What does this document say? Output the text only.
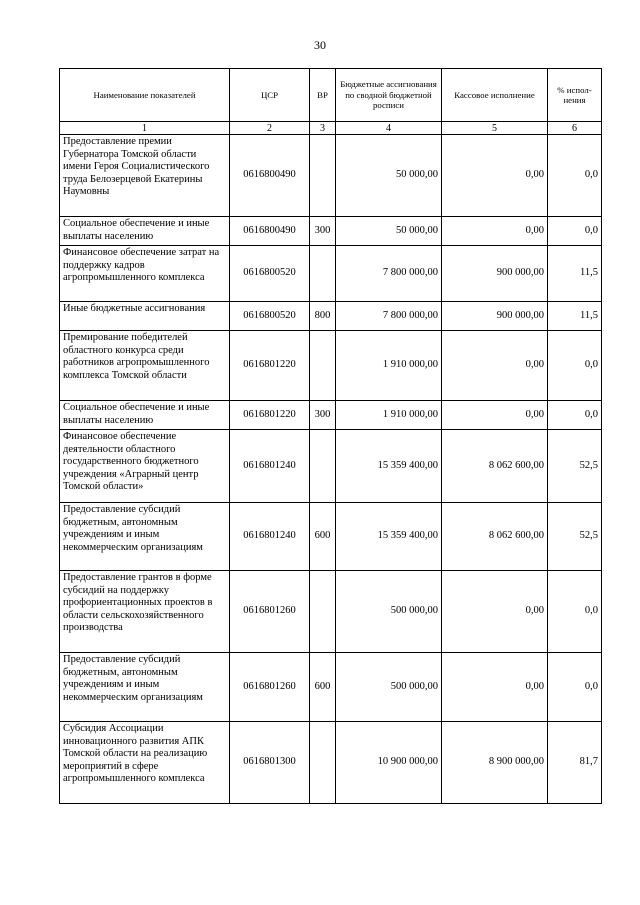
30
Наименование показателей	ЦСР	ВР	Бюджетные ассигнования по сводной бюджетной росписи	Кассовое исполнение	% испол- нения
1	2	3	4	5	6
Предоставление премии Губернатора Томской области имени Героя Социалистического труда Белозерцевой Екатерины Наумовны	0616800490		50 000,00	0,00	0,0
Социальное обеспечение и иные выплаты населению	0616800490	300	50 000,00	0,00	0,0
Финансовое обеспечение затрат на поддержку кадров агропромышленного комплекса	0616800520		7 800 000,00	900 000,00	11,5
Иные бюджетные ассигнования	0616800520	800	7 800 000,00	900 000,00	11,5
Премирование победителей областного конкурса среди работников агропромышленного комплекса Томской области	0616801220		1 910 000,00	0,00	0,0
Социальное обеспечение и иные выплаты населению	0616801220	300	1 910 000,00	0,00	0,0
Финансовое обеспечение деятельности областного государственного бюджетного учреждения «Аграрный центр Томской области»	0616801240		15 359 400,00	8 062 600,00	52,5
Предоставление субсидий бюджетным, автономным учреждениям и иным некоммерческим организациям	0616801240	600	15 359 400,00	8 062 600,00	52,5
Предоставление грантов в форме субсидий на поддержку профориентационных проектов в области сельскохозяйственного производства	0616801260		500 000,00	0,00	0,0
Предоставление субсидий бюджетным, автономным учреждениям и иным некоммерческим организациям	0616801260	600	500 000,00	0,00	0,0
Субсидия Ассоциации инновационного развития АПК Томской области на реализацию мероприятий в сфере агропромышленного комплекса	0616801300		10 900 000,00	8 900 000,00	81,7
